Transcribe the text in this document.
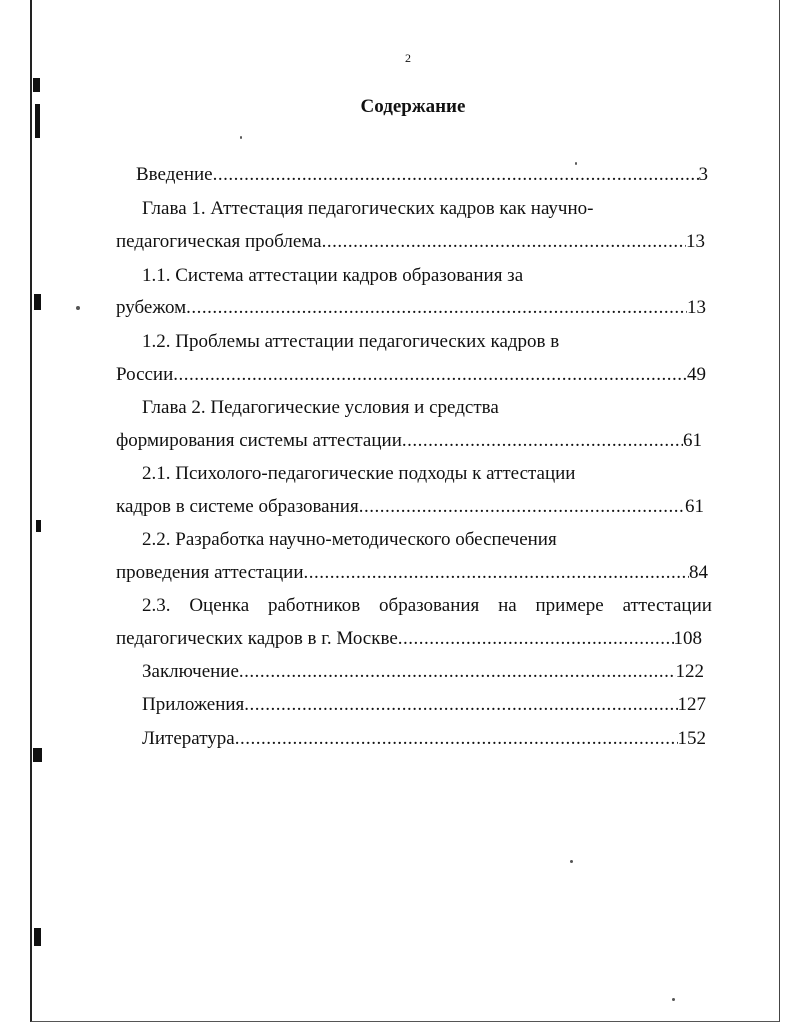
2
Содержание
Введение .....	3
Глава 1. Аттестация педагогических кадров как научно-
педагогическая проблема .....	13
1.1. Система аттестации кадров образования за
рубежом .....	13
1.2. Проблемы аттестации педагогических кадров в
России .....	49
Глава 2. Педагогические условия и средства
формирования системы аттестации .....	61
2.1. Психолого-педагогические подходы к аттестации
кадров в системе образования .....	61
2.2. Разработка научно-методического обеспечения
проведения аттестации .....	84
2.3. Оценка работников образования на примере аттестации
педагогических кадров в г. Москве .....	108
Заключение .....	122
Приложения .....	127
Литература .....	152
